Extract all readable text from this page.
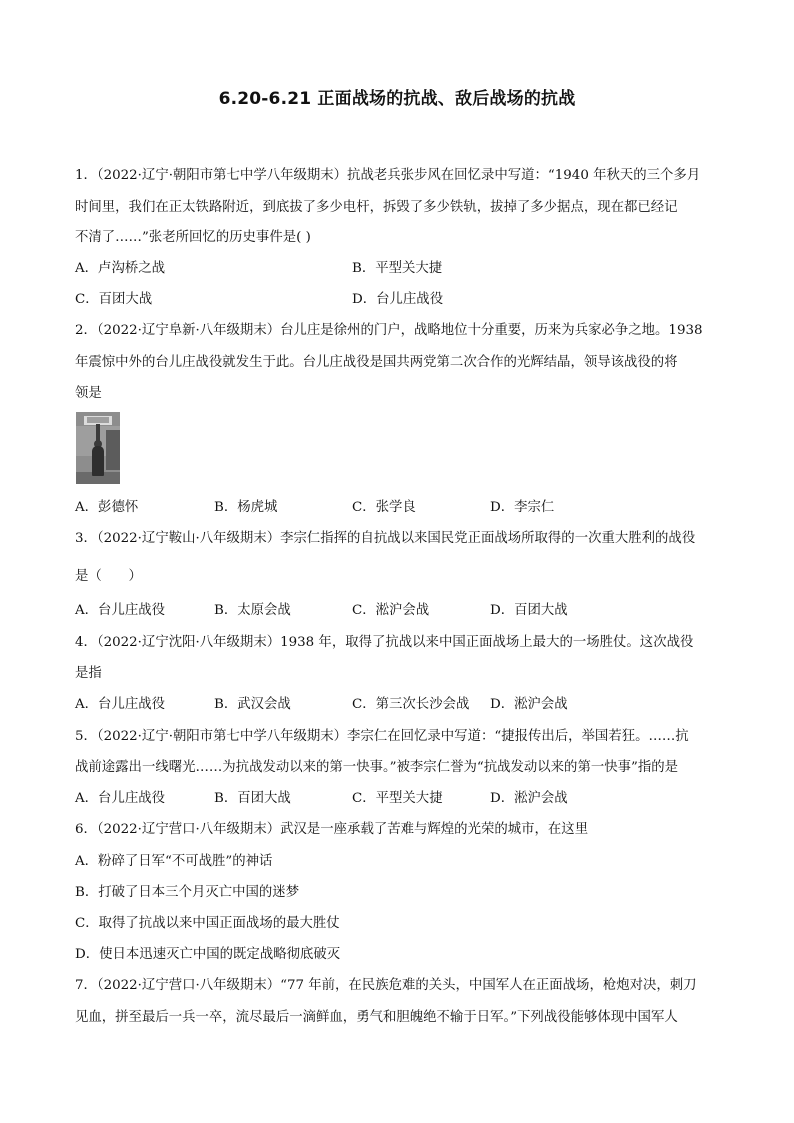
6.20-6.21 正面战场的抗战、敌后战场的抗战
1．（2022·辽宁·朝阳市第七中学八年级期末）抗战老兵张步风在回忆录中写道：“1940 年秋天的三个多月
时间里，我们在正太铁路附近，到底拔了多少电杆，拆毁了多少铁轨，拔掉了多少据点，现在都已经记
不清了……”张老所回忆的历史事件是( )
A．卢沟桥之战	B．平型关大捷
C．百团大战	D．台儿庄战役
2．（2022·辽宁阜新·八年级期末）台儿庄是徐州的门户，战略地位十分重要，历来为兵家必争之地。1938
年震惊中外的台儿庄战役就发生于此。台儿庄战役是国共两党第二次合作的光辉结晶，领导该战役的将
领是
A．彭德怀	B．杨虎城	C．张学良	D．李宗仁
3．（2022·辽宁鞍山·八年级期末）李宗仁指挥的自抗战以来国民党正面战场所取得的一次重大胜利的战役
是（　　）
A．台儿庄战役	B．太原会战	C．淞沪会战	D．百团大战
4．（2022·辽宁沈阳·八年级期末）1938 年，取得了抗战以来中国正面战场上最大的一场胜仗。这次战役
是指
A．台儿庄战役	B．武汉会战	C．第三次长沙会战 D．淞沪会战
5．（2022·辽宁·朝阳市第七中学八年级期末）李宗仁在回忆录中写道：“捷报传出后，举国若狂。……抗
战前途露出一线曙光……为抗战发动以来的第一快事。”被李宗仁誉为“抗战发动以来的第一快事”指的是
A．台儿庄战役	B．百团大战	C．平型关大捷	D．淞沪会战
6．（2022·辽宁营口·八年级期末）武汉是一座承载了苦难与辉煌的光荣的城市，在这里
A．粉碎了日军“不可战胜”的神话
B．打破了日本三个月灭亡中国的迷梦
C．取得了抗战以来中国正面战场的最大胜仗
D．使日本迅速灭亡中国的既定战略彻底破灭
7．（2022·辽宁营口·八年级期末）“77 年前，在民族危难的关头，中国军人在正面战场，枪炮对决，刺刀
见血，拼至最后一兵一卒，流尽最后一滴鲜血，勇气和胆魄绝不输于日军。”下列战役能够体现中国军人
